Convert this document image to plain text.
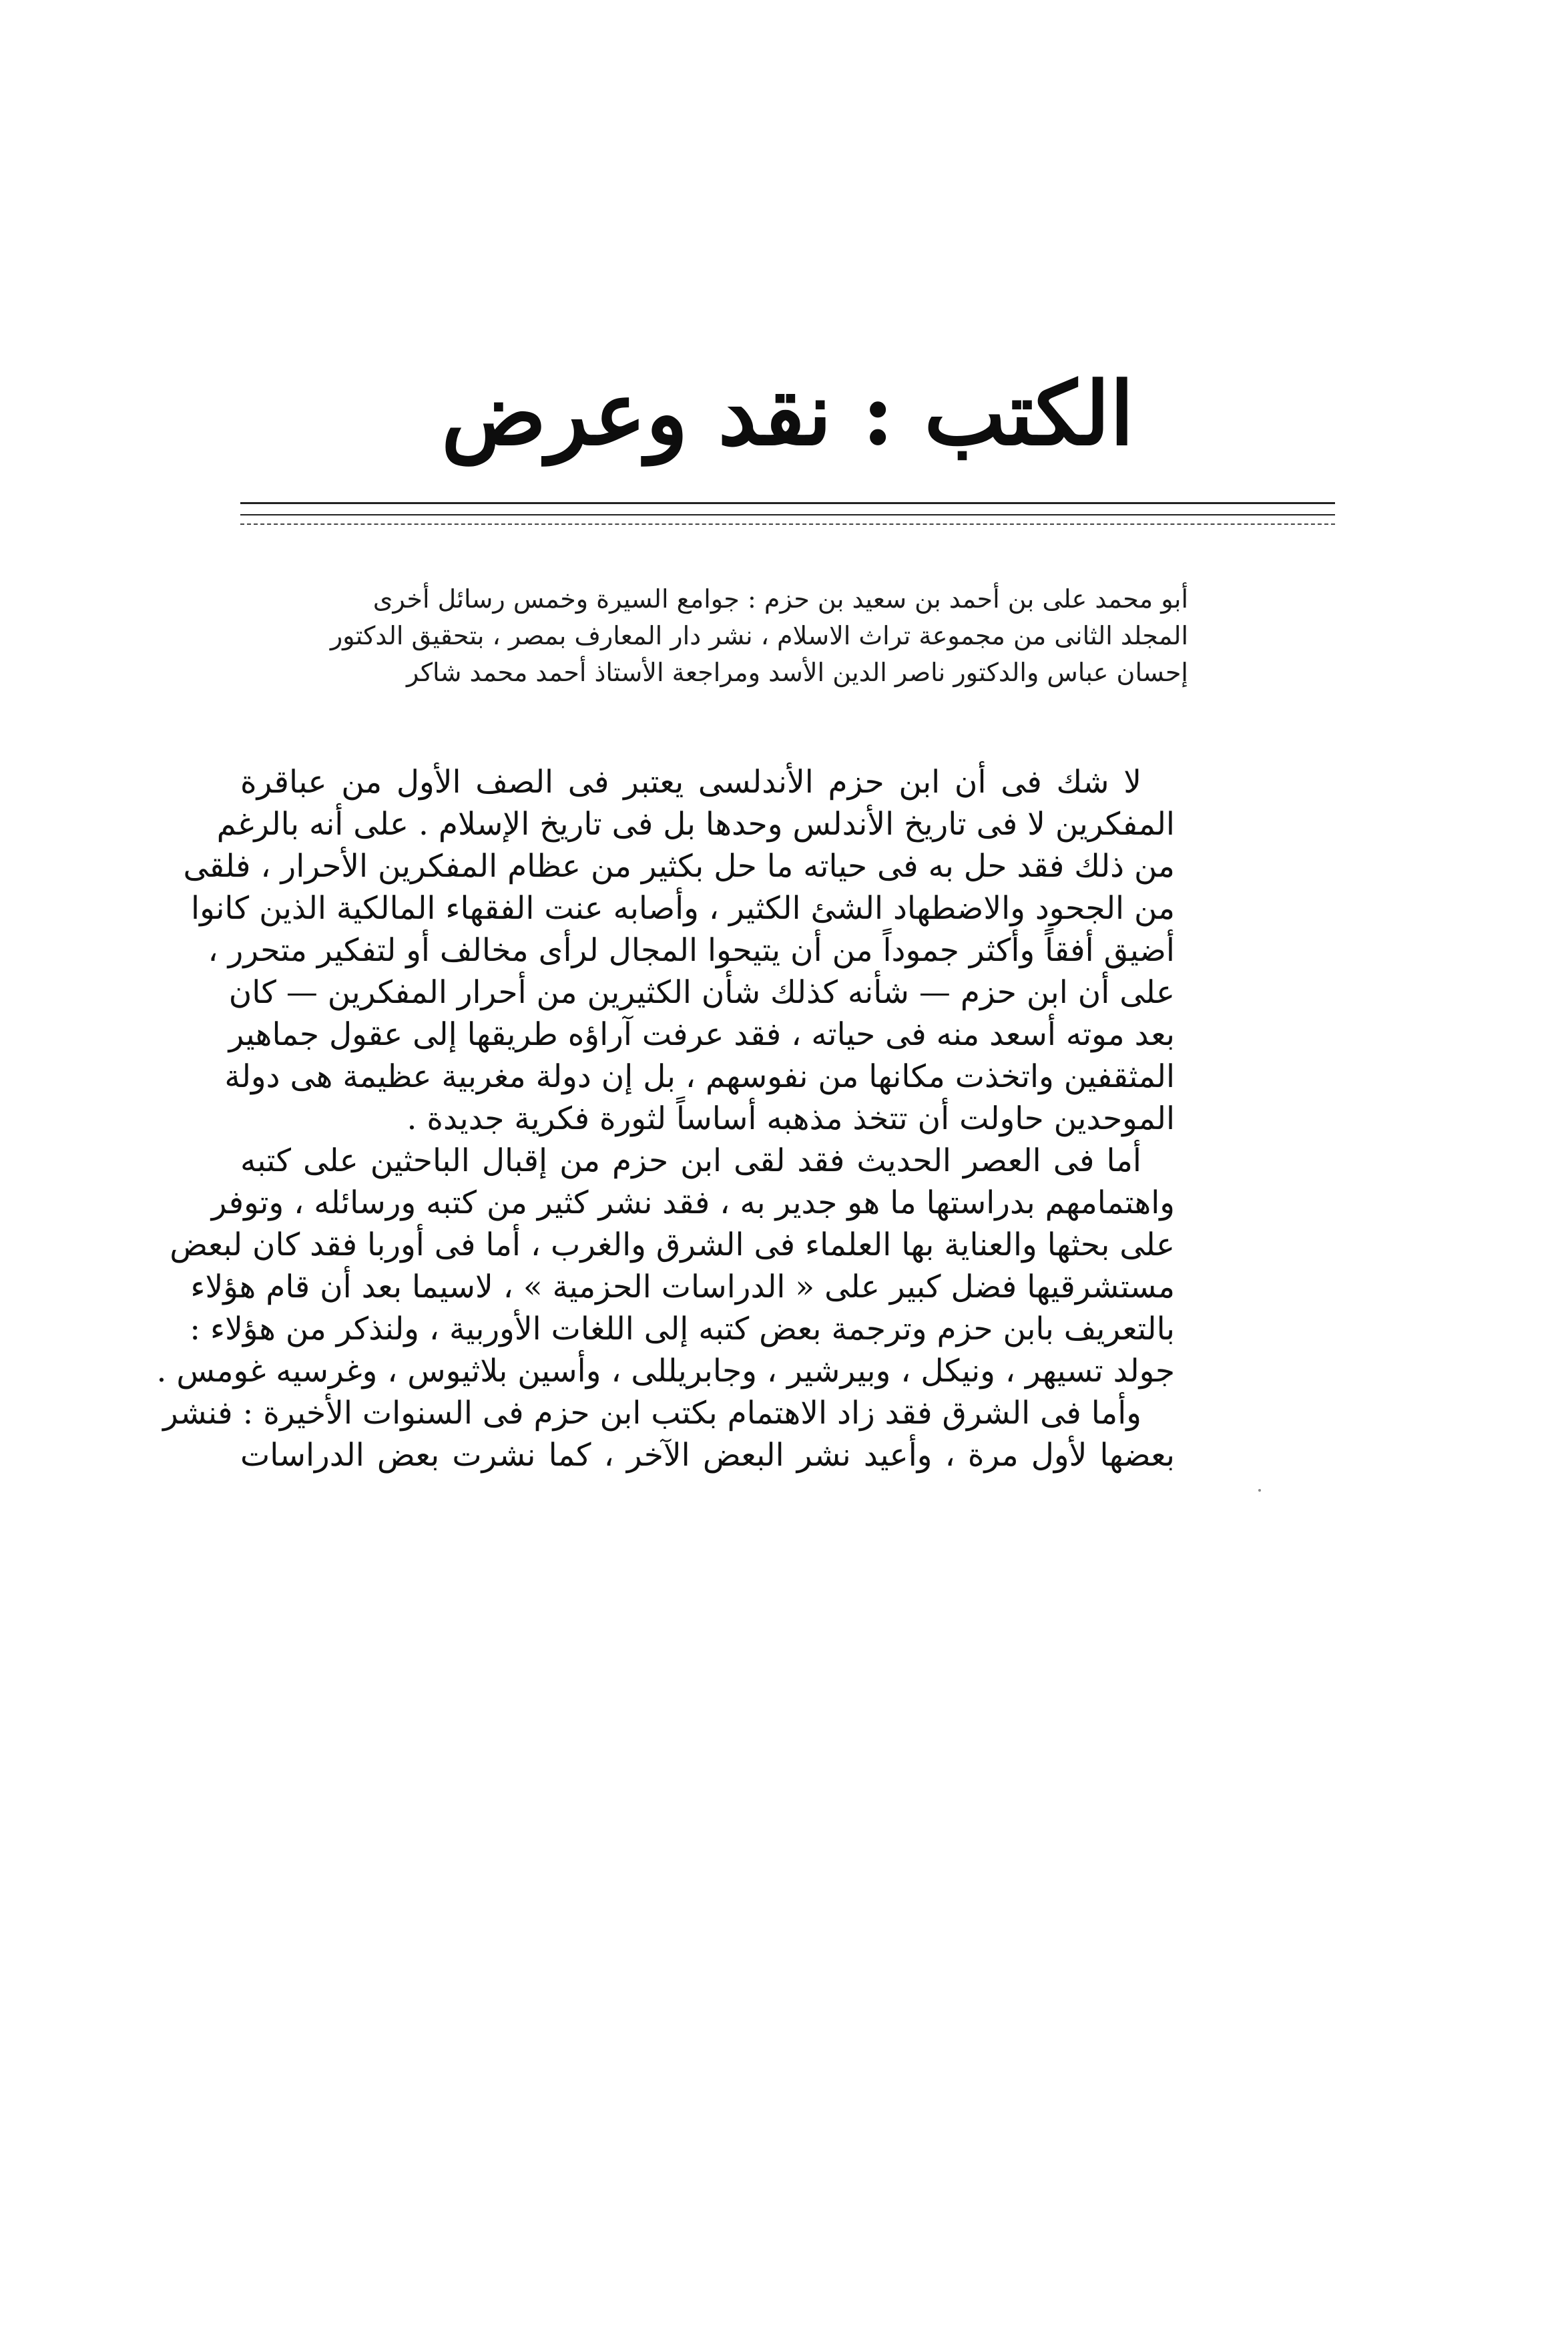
الكتب : نقد وعرض

أبو محمد على بن أحمد بن سعيد بن حزم : جوامع السيرة وخمس رسائل أخرى

المجلد الثانى من مجموعة تراث الاسلام ، نشر دار المعارف بمصر ، بتحقيق الدكتور

إحسان عباس والدكتور ناصر الدين الأسد ومراجعة الأستاذ أحمد محمد شاكر

لا شك فى أن ابن حزم الأندلسى يعتبر فى الصف الأول من عباقرة
المفكرين لا فى تاريخ الأندلس وحدها بل فى تاريخ الإسلام . على أنه بالرغم
من ذلك فقد حل به فى حياته ما حل بكثير من عظام المفكرين الأحرار ، فلقى
من الجحود والاضطهاد الشئ الكثير ، وأصابه عنت الفقهاء المالكية الذين كانوا
أضيق أفقاً وأكثر جموداً من أن يتيحوا المجال لرأى مخالف أو لتفكير متحرر ،
على أن ابن حزم — شأنه كذلك شأن الكثيرين من أحرار المفكرين — كان
بعد موته أسعد منه فى حياته ، فقد عرفت آراؤه طريقها إلى عقول جماهير
المثقفين واتخذت مكانها من نفوسهم ، بل إن دولة مغربية عظيمة هى دولة
الموحدين حاولت أن تتخذ مذهبه أساساً لثورة فكرية جديدة .
أما فى العصر الحديث فقد لقى ابن حزم من إقبال الباحثين على كتبه
واهتمامهم بدراستها ما هو جدير به ، فقد نشر كثير من كتبه ورسائله ، وتوفر
على بحثها والعناية بها العلماء فى الشرق والغرب ، أما فى أوربا فقد كان لبعض
مستشرقيها فضل كبير على « الدراسات الحزمية » ، لاسيما بعد أن قام هؤلاء
بالتعريف بابن حزم وترجمة بعض كتبه إلى اللغات الأوربية ، ولنذكر من هؤلاء :
جولد تسيهر ، ونيكل ، وبيرشير ، وجابريللى ، وأسين بلاثيوس ، وغرسيه غومس .
وأما فى الشرق فقد زاد الاهتمام بكتب ابن حزم فى السنوات الأخيرة : فنشر
بعضها لأول مرة ، وأعيد نشر البعض الآخر ، كما نشرت بعض الدراسات
